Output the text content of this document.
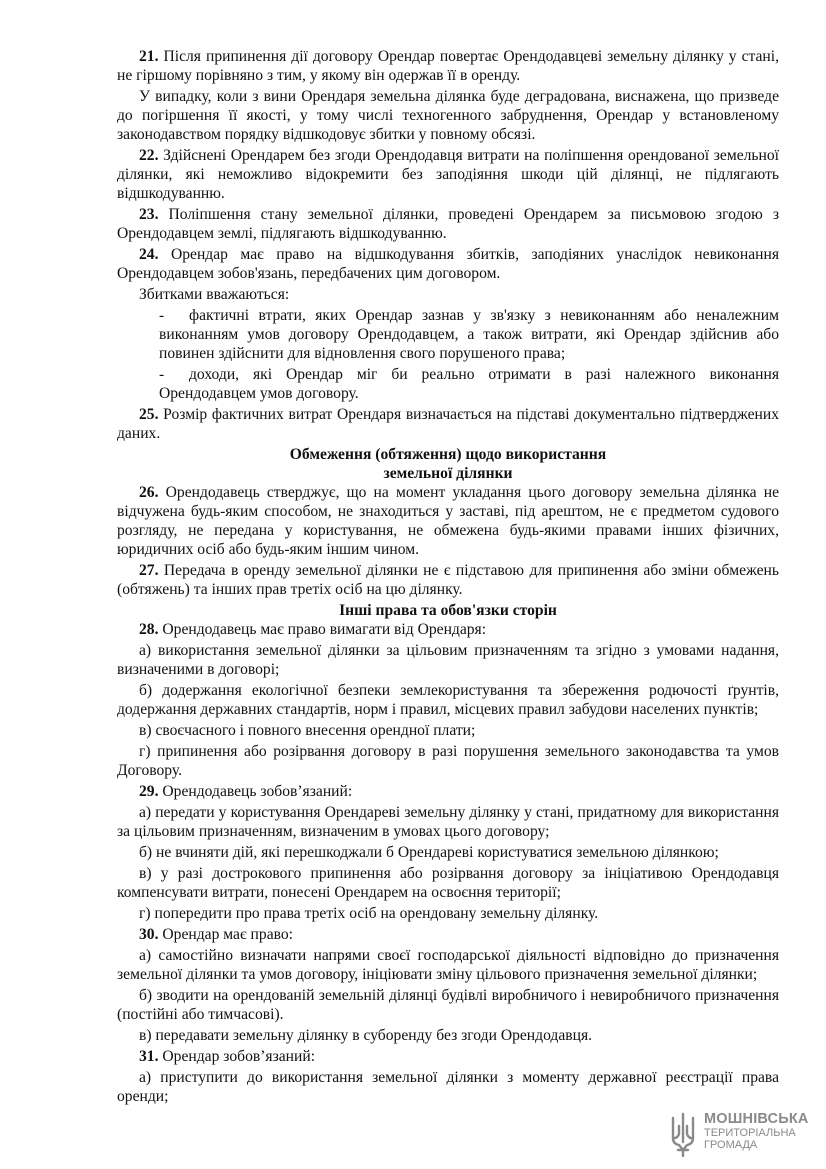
21. Після припинення дії договору Орендар повертає Орендодавцеві земельну ділянку у стані, не гіршому порівняно з тим, у якому він одержав її в оренду.

У випадку, коли з вини Орендаря земельна ділянка буде деградована, виснажена, що призведе до погіршення її якості, у тому числі техногенного забруднення, Орендар у встановленому законодавством порядку відшкодовує збитки у повному обсязі.

22. Здійснені Орендарем без згоди Орендодавця витрати на поліпшення орендованої земельної ділянки, які неможливо відокремити без заподіяння шкоди цій ділянці, не підлягають відшкодуванню.

23. Поліпшення стану земельної ділянки, проведені Орендарем за письмовою згодою з Орендодавцем землі, підлягають відшкодуванню.

24. Орендар має право на відшкодування збитків, заподіяних унаслідок невиконання Орендодавцем зобов'язань, передбачених цим договором.

Збитками вважаються:

- фактичні втрати, яких Орендар зазнав у зв'язку з невиконанням або неналежним виконанням умов договору Орендодавцем, а також витрати, які Орендар здійснив або повинен здійснити для відновлення свого порушеного права;

- доходи, які Орендар міг би реально отримати в разі належного виконання Орендодавцем умов договору.

25. Розмір фактичних витрат Орендаря визначається на підставі документально підтверджених даних.

Обмеження (обтяження) щодо використання

земельної ділянки

26. Орендодавець стверджує, що на момент укладання цього договору земельна ділянка не відчужена будь-яким способом, не знаходиться у заставі, під арештом, не є предметом судового розгляду, не передана у користування, не обмежена будь-якими правами інших фізичних, юридичних осіб або будь-яким іншим чином.

27. Передача в оренду земельної ділянки не є підставою для припинення або зміни обмежень (обтяжень) та інших прав третіх осіб на цю ділянку.

Інші права та обов'язки сторін

28. Орендодавець має право вимагати від Орендаря:

а) використання земельної ділянки за цільовим призначенням та згідно з умовами надання, визначеними в договорі;

б) додержання екологічної безпеки землекористування та збереження родючості ґрунтів, додержання державних стандартів, норм і правил, місцевих правил забудови населених пунктів;

в) своєчасного і повного внесення орендної плати;

г) припинення або розірвання договору в разі порушення земельного законодавства та умов Договору.

29. Орендодавець зобов’язаний:

а) передати у користування Орендареві земельну ділянку у стані, придатному для використання за цільовим призначенням, визначеним в умовах цього договору;

б) не вчиняти дій, які перешкоджали б Орендареві користуватися земельною ділянкою;

в) у разі дострокового припинення або розірвання договору за ініціативою Орендодавця компенсувати витрати, понесені Орендарем на освоєння території;

г) попередити про права третіх осіб на орендовану земельну ділянку.

30. Орендар має право:

а) самостійно визначати напрями своєї господарської діяльності відповідно до призначення земельної ділянки та умов договору, ініціювати зміну цільового призначення земельної ділянки;

б) зводити на орендованій земельній ділянці будівлі виробничого і невиробничого призначення (постійні або тимчасові).

в) передавати земельну ділянку в суборенду без згоди Орендодавця.

31. Орендар зобов’язаний:

а) приступити до використання земельної ділянки з моменту державної реєстрації права оренди;

МОШНІВСЬКА
ТЕРИТОРІАЛЬНА
ГРОМАДА
